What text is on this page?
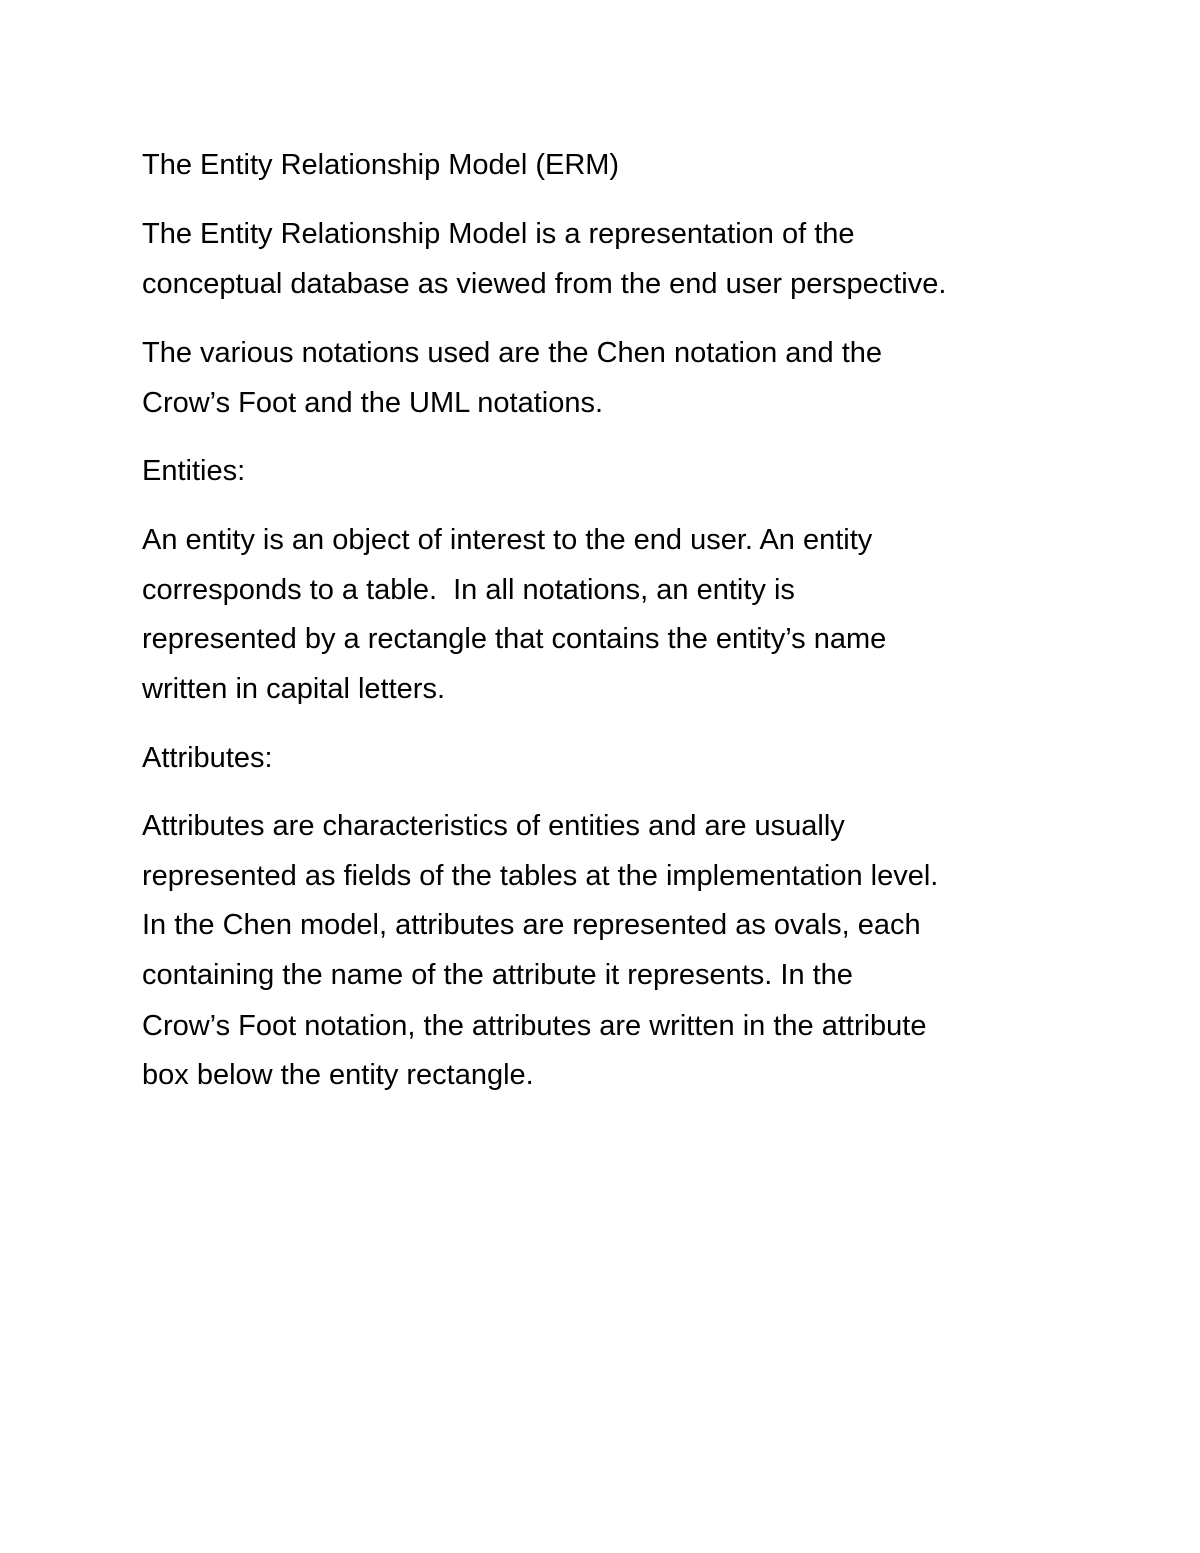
The Entity Relationship Model (ERM)
The Entity Relationship Model is a representation of the
conceptual database as viewed from the end user perspective.
The various notations used are the Chen notation and the
Crow’s Foot and the UML notations.
Entities:
An entity is an object of interest to the end user. An entity
corresponds to a table.  In all notations, an entity is
represented by a rectangle that contains the entity’s name
written in capital letters.
Attributes:
Attributes are characteristics of entities and are usually
represented as fields of the tables at the implementation level.
In the Chen model, attributes are represented as ovals, each
containing the name of the attribute it represents. In the
Crow’s Foot notation, the attributes are written in the attribute
box below the entity rectangle.
